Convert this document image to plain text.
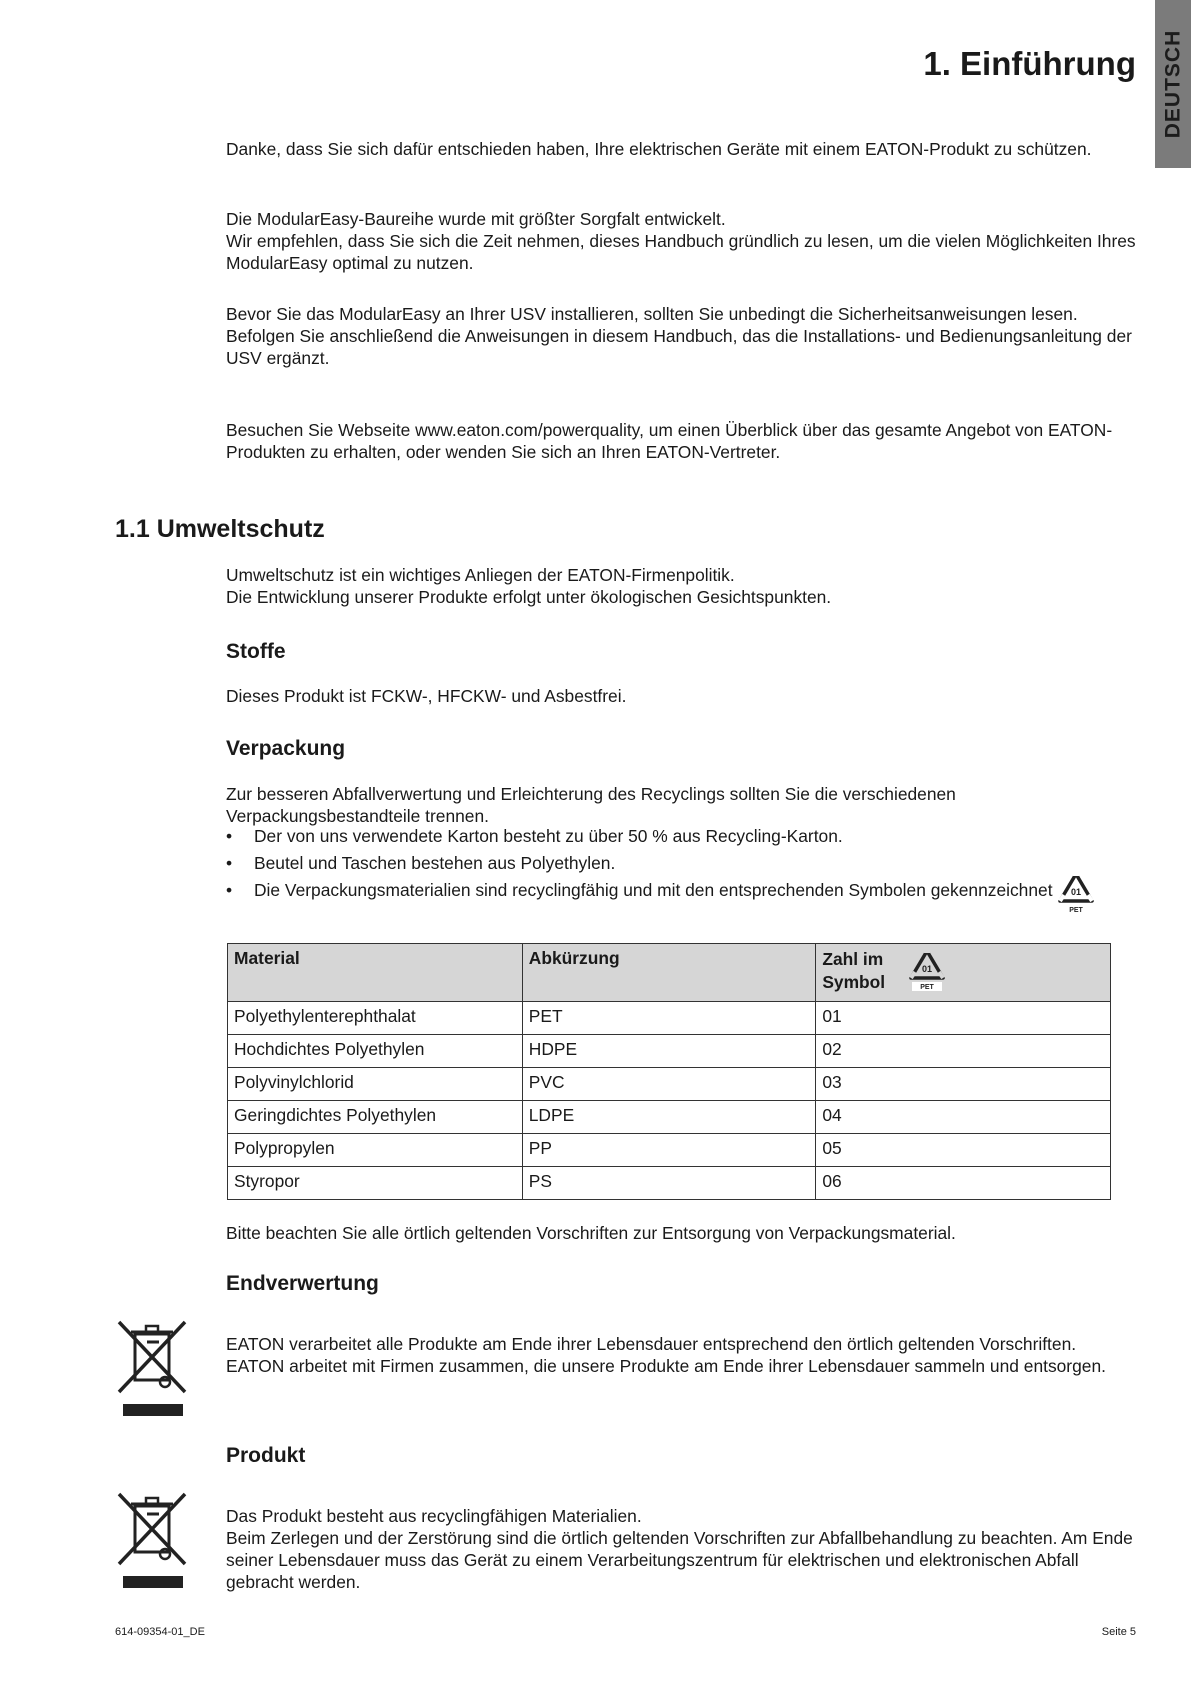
DEUTSCH
1. Einführung

Danke, dass Sie sich dafür entschieden haben, Ihre elektrischen Geräte mit einem EATON-Produkt zu schützen.

Die ModularEasy-Baureihe wurde mit größter Sorgfalt entwickelt.

Wir empfehlen, dass Sie sich die Zeit nehmen, dieses Handbuch gründlich zu lesen, um die vielen Möglichkeiten Ihres ModularEasy optimal zu nutzen.

Bevor Sie das ModularEasy an Ihrer USV installieren, sollten Sie unbedingt die Sicherheitsanweisungen lesen.

Befolgen Sie anschließend die Anweisungen in diesem Handbuch, das die Installations- und Bedienungsanleitung der USV ergänzt.

Besuchen Sie Webseite www.eaton.com/powerquality, um einen Überblick über das gesamte Angebot von EATON-Produkten zu erhalten, oder wenden Sie sich an Ihren EATON-Vertreter.

1.1 Umweltschutz

Umweltschutz ist ein wichtiges Anliegen der EATON-Firmenpolitik.

Die Entwicklung unserer Produkte erfolgt unter ökologischen Gesichtspunkten.

Stoffe

Dieses Produkt ist FCKW-, HFCKW- und Asbestfrei.

Verpackung

Zur besseren Abfallverwertung und Erleichterung des Recyclings sollten Sie die verschiedenen Verpackungsbestandteile trennen.

• Der von uns verwendete Karton besteht zu über 50 % aus Recycling-Karton.
• Beutel und Taschen bestehen aus Polyethylen.
• Die Verpackungsmaterialien sind recyclingfähig und mit den entsprechenden Symbolen gekennzeichnet 01
PET
Material	Abkürzung	Zahl im Symbol
01
PET

Polyethylenterephthalat	PET	01
Hochdichtes Polyethylen	HDPE	02
Polyvinylchlorid	PVC	03
Geringdichtes Polyethylen	LDPE	04
Polypropylen	PP	05
Styropor	PS	06

Bitte beachten Sie alle örtlich geltenden Vorschriften zur Entsorgung von Verpackungsmaterial.

Endverwertung

EATON verarbeitet alle Produkte am Ende ihrer Lebensdauer entsprechend den örtlich geltenden Vorschriften. EATON arbeitet mit Firmen zusammen, die unsere Produkte am Ende ihrer Lebensdauer sammeln und entsorgen.

Produkt

Das Produkt besteht aus recyclingfähigen Materialien.

Beim Zerlegen und der Zerstörung sind die örtlich geltenden Vorschriften zur Abfallbehandlung zu beachten. Am Ende seiner Lebensdauer muss das Gerät zu einem Verarbeitungszentrum für elektrischen und elektronischen Abfall gebracht werden.

614-09354-01_DE	Seite 5
